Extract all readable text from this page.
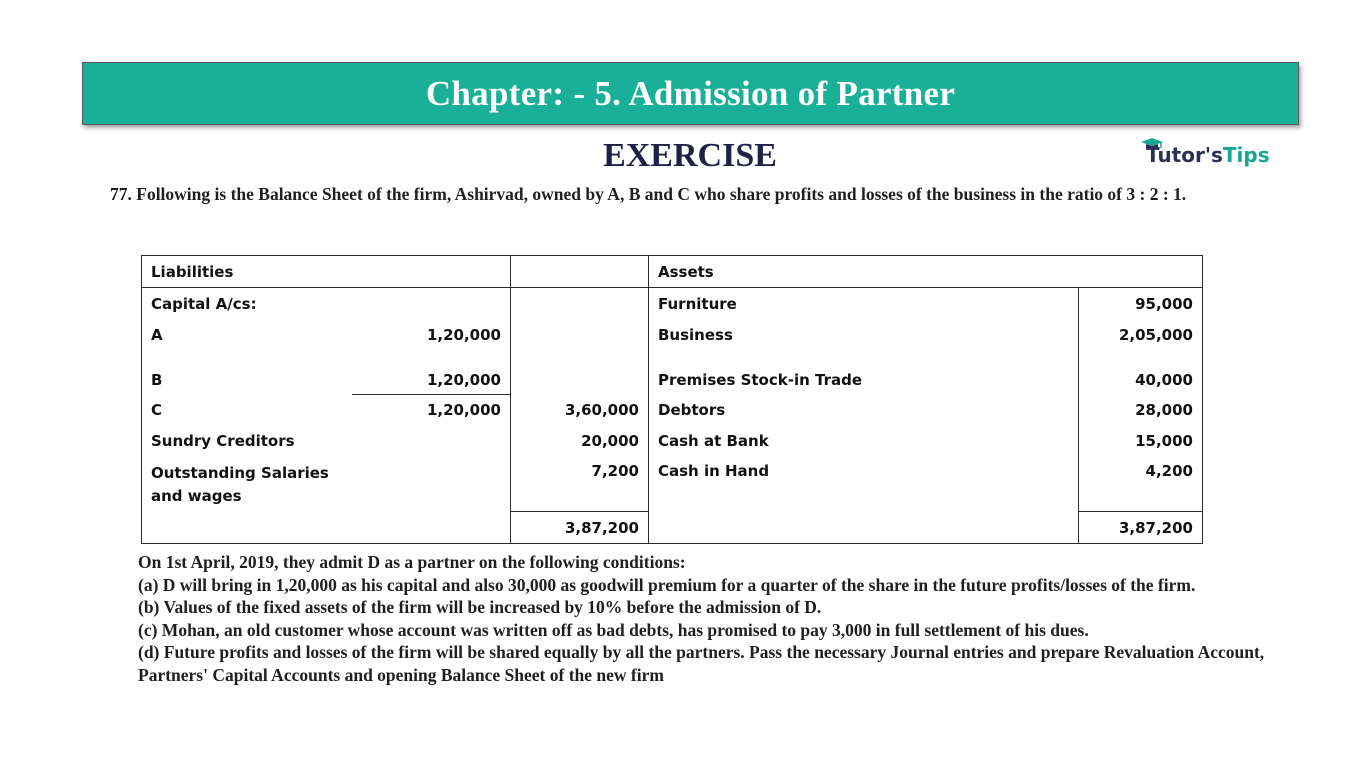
Chapter: - 5. Admission of Partner
EXERCISE	Tutor'sTips
77. Following is the Balance Sheet of the firm, Ashirvad, owned by A, B and C who share profits and losses of the business in the ratio of 3 : 2 : 1.
Liabilities			Assets	
Capital A/cs:			Furniture	95,000
A	1,20,000		Business	2,05,000
B	1,20,000		Premises Stock-in Trade	40,000
C	1,20,000	3,60,000	Debtors	28,000
Sundry Creditors		20,000	Cash at Bank	15,000
Outstanding Salaries
and wages		7,200	Cash in Hand	4,200
		3,87,200		3,87,200

On 1st April, 2019, they admit D as a partner on the following conditions:

(a) D will bring in 1,20,000 as his capital and also 30,000 as goodwill premium for a quarter of the share in the future profits/losses of the firm.

(b) Values of the fixed assets of the firm will be increased by 10% before the admission of D.

(c) Mohan, an old customer whose account was written off as bad debts, has promised to pay 3,000 in full settlement of his dues.

(d) Future profits and losses of the firm will be shared equally by all the partners. Pass the necessary Journal entries and prepare Revaluation Account, Partners' Capital Accounts and opening Balance Sheet of the new firm
